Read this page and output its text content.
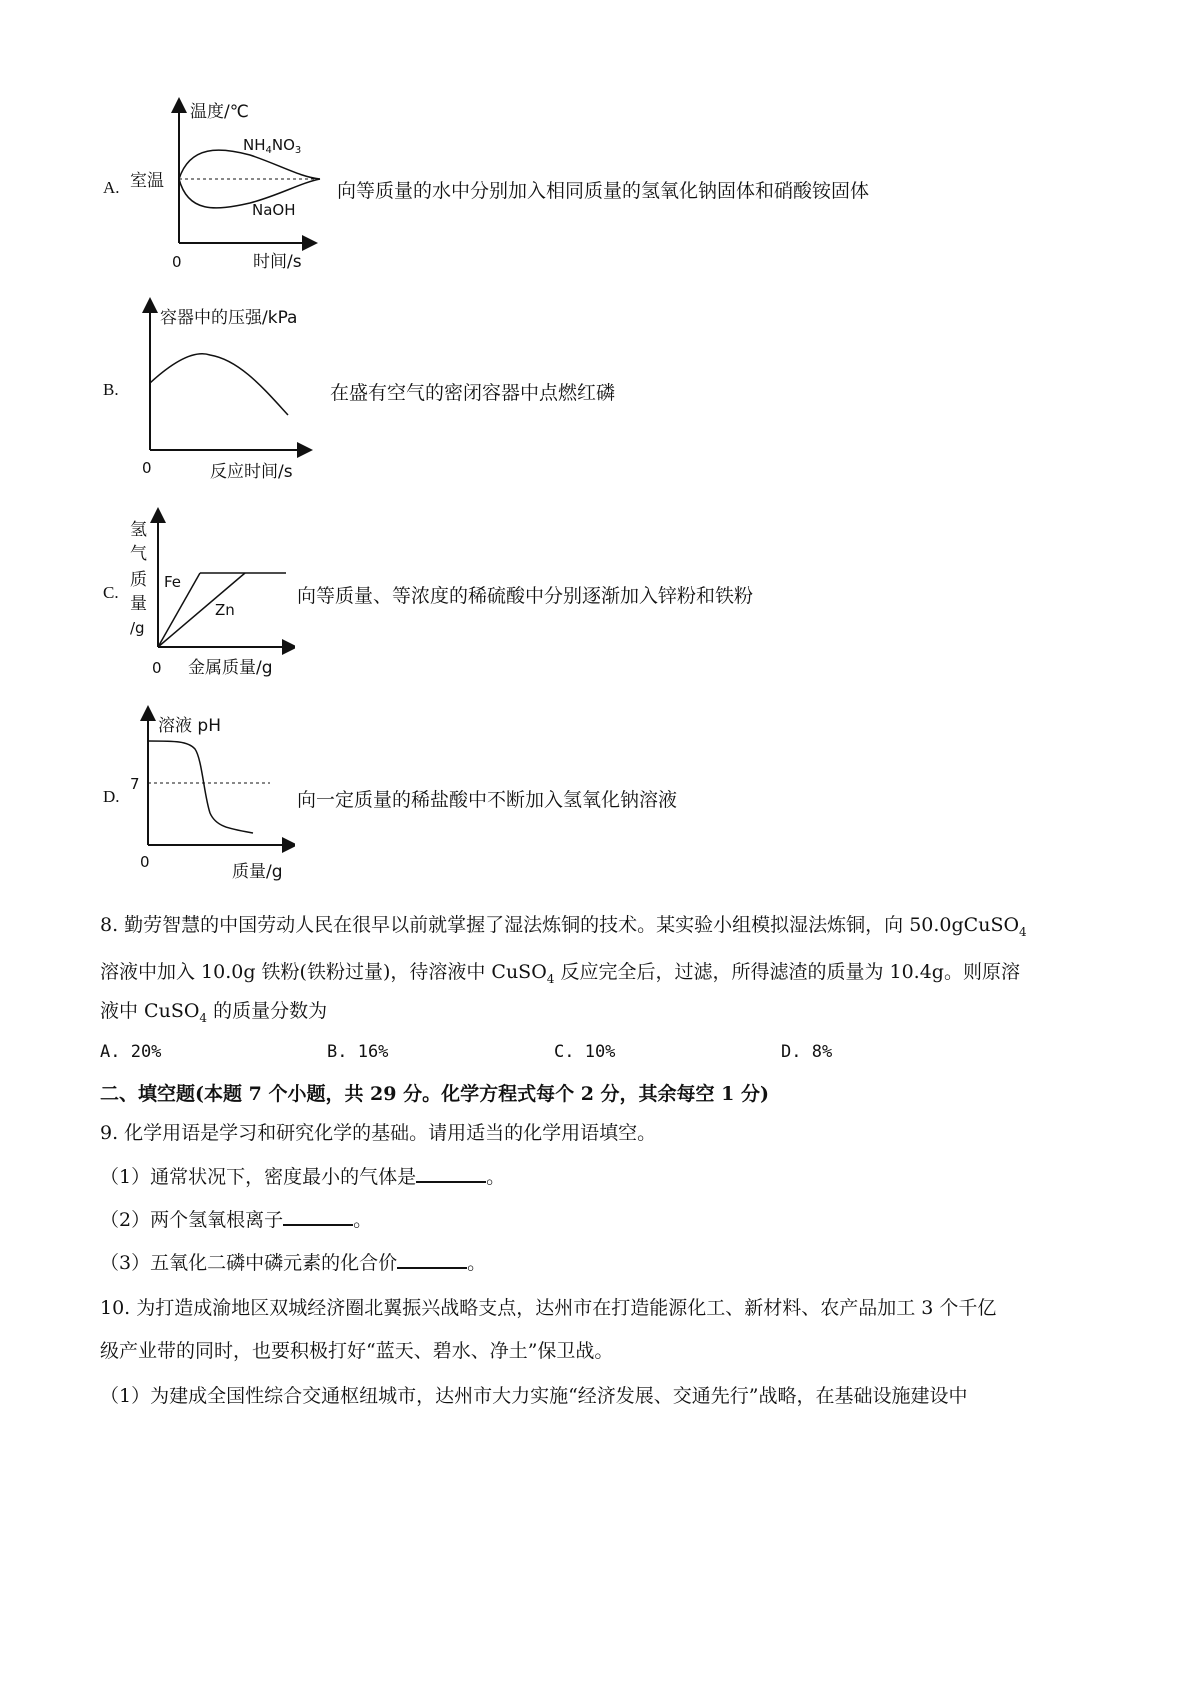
A.
温度/℃
$NH_4NO_3$
NaOH
室温
0	时间/s
向等质量的水中分别加入相同质量的氢氧化钠固体和硝酸铵固体
B.
容器中的压强/kPa
0	反应时间/s
在盛有空气的密闭容器中点燃红磷
C.
氢
气
质
量
/g
Fe
Zn
0 金属质量/g
向等质量、等浓度的稀硫酸中分别逐渐加入锌粉和铁粉
D.
溶液 pH
7
0	质量/g
向一定质量的稀盐酸中不断加入氢氧化钠溶液
8. 勤劳智慧的中国劳动人民在很早以前就掌握了湿法炼铜的技术。某实验小组模拟湿法炼铜，向 50.0gCuSO$_4$
溶液中加入 10.0g 铁粉(铁粉过量)，待溶液中 CuSO$_4$ 反应完全后，过滤，所得滤渣的质量为 10.4g。则原溶
液中 CuSO$_4$ 的质量分数为
A. 20%	B. 16%	C. 10%	D. 8%
二、填空题(本题 7 个小题，共 29 分。化学方程式每个 2 分，其余每空 1 分)
9. 化学用语是学习和研究化学的基础。请用适当的化学用语填空。
（1）通常状况下，密度最小的气体是	。
（2）两个氢氧根离子	。
（3）五氧化二磷中磷元素的化合价	。
10. 为打造成渝地区双城经济圈北翼振兴战略支点，达州市在打造能源化工、新材料、农产品加工 3 个千亿
级产业带的同时，也要积极打好“蓝天、碧水、净土”保卫战。
（1）为建成全国性综合交通枢纽城市，达州市大力实施“经济发展、交通先行”战略，在基础设施建设中
